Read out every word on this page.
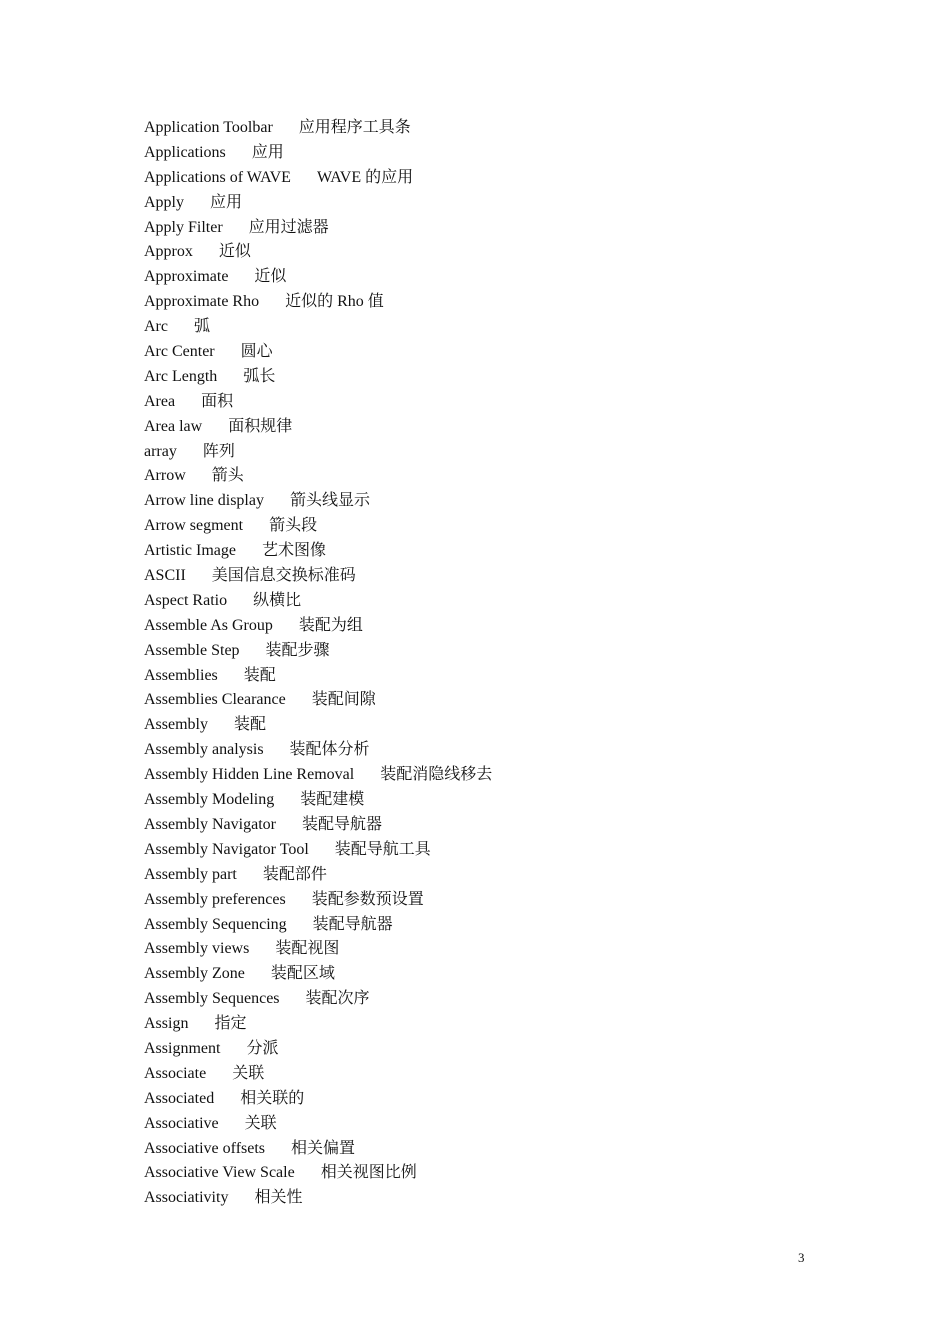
Application Toolbar 应用程序工具条
Applications 应用
Applications of WAVE WAVE 的应用
Apply 应用
Apply Filter 应用过滤器
Approx 近似
Approximate 近似
Approximate Rho 近似的 Rho 值
Arc 弧
Arc Center 圆心
Arc Length 弧长
Area 面积
Area law 面积规律
array 阵列
Arrow 箭头
Arrow line display 箭头线显示
Arrow segment 箭头段
Artistic Image 艺术图像
ASCII 美国信息交换标准码
Aspect Ratio 纵横比
Assemble As Group 装配为组
Assemble Step 装配步骤
Assemblies 装配
Assemblies Clearance 装配间隙
Assembly 装配
Assembly analysis 装配体分析
Assembly Hidden Line Removal 装配消隐线移去
Assembly Modeling 装配建模
Assembly Navigator 装配导航器
Assembly Navigator Tool 装配导航工具
Assembly part 装配部件
Assembly preferences 装配参数预设置
Assembly Sequencing 装配导航器
Assembly views 装配视图
Assembly Zone 装配区域
Assembly Sequences 装配次序
Assign 指定
Assignment 分派
Associate 关联
Associated 相关联的
Associative 关联
Associative offsets 相关偏置
Associative View Scale 相关视图比例
Associativity 相关性
3
